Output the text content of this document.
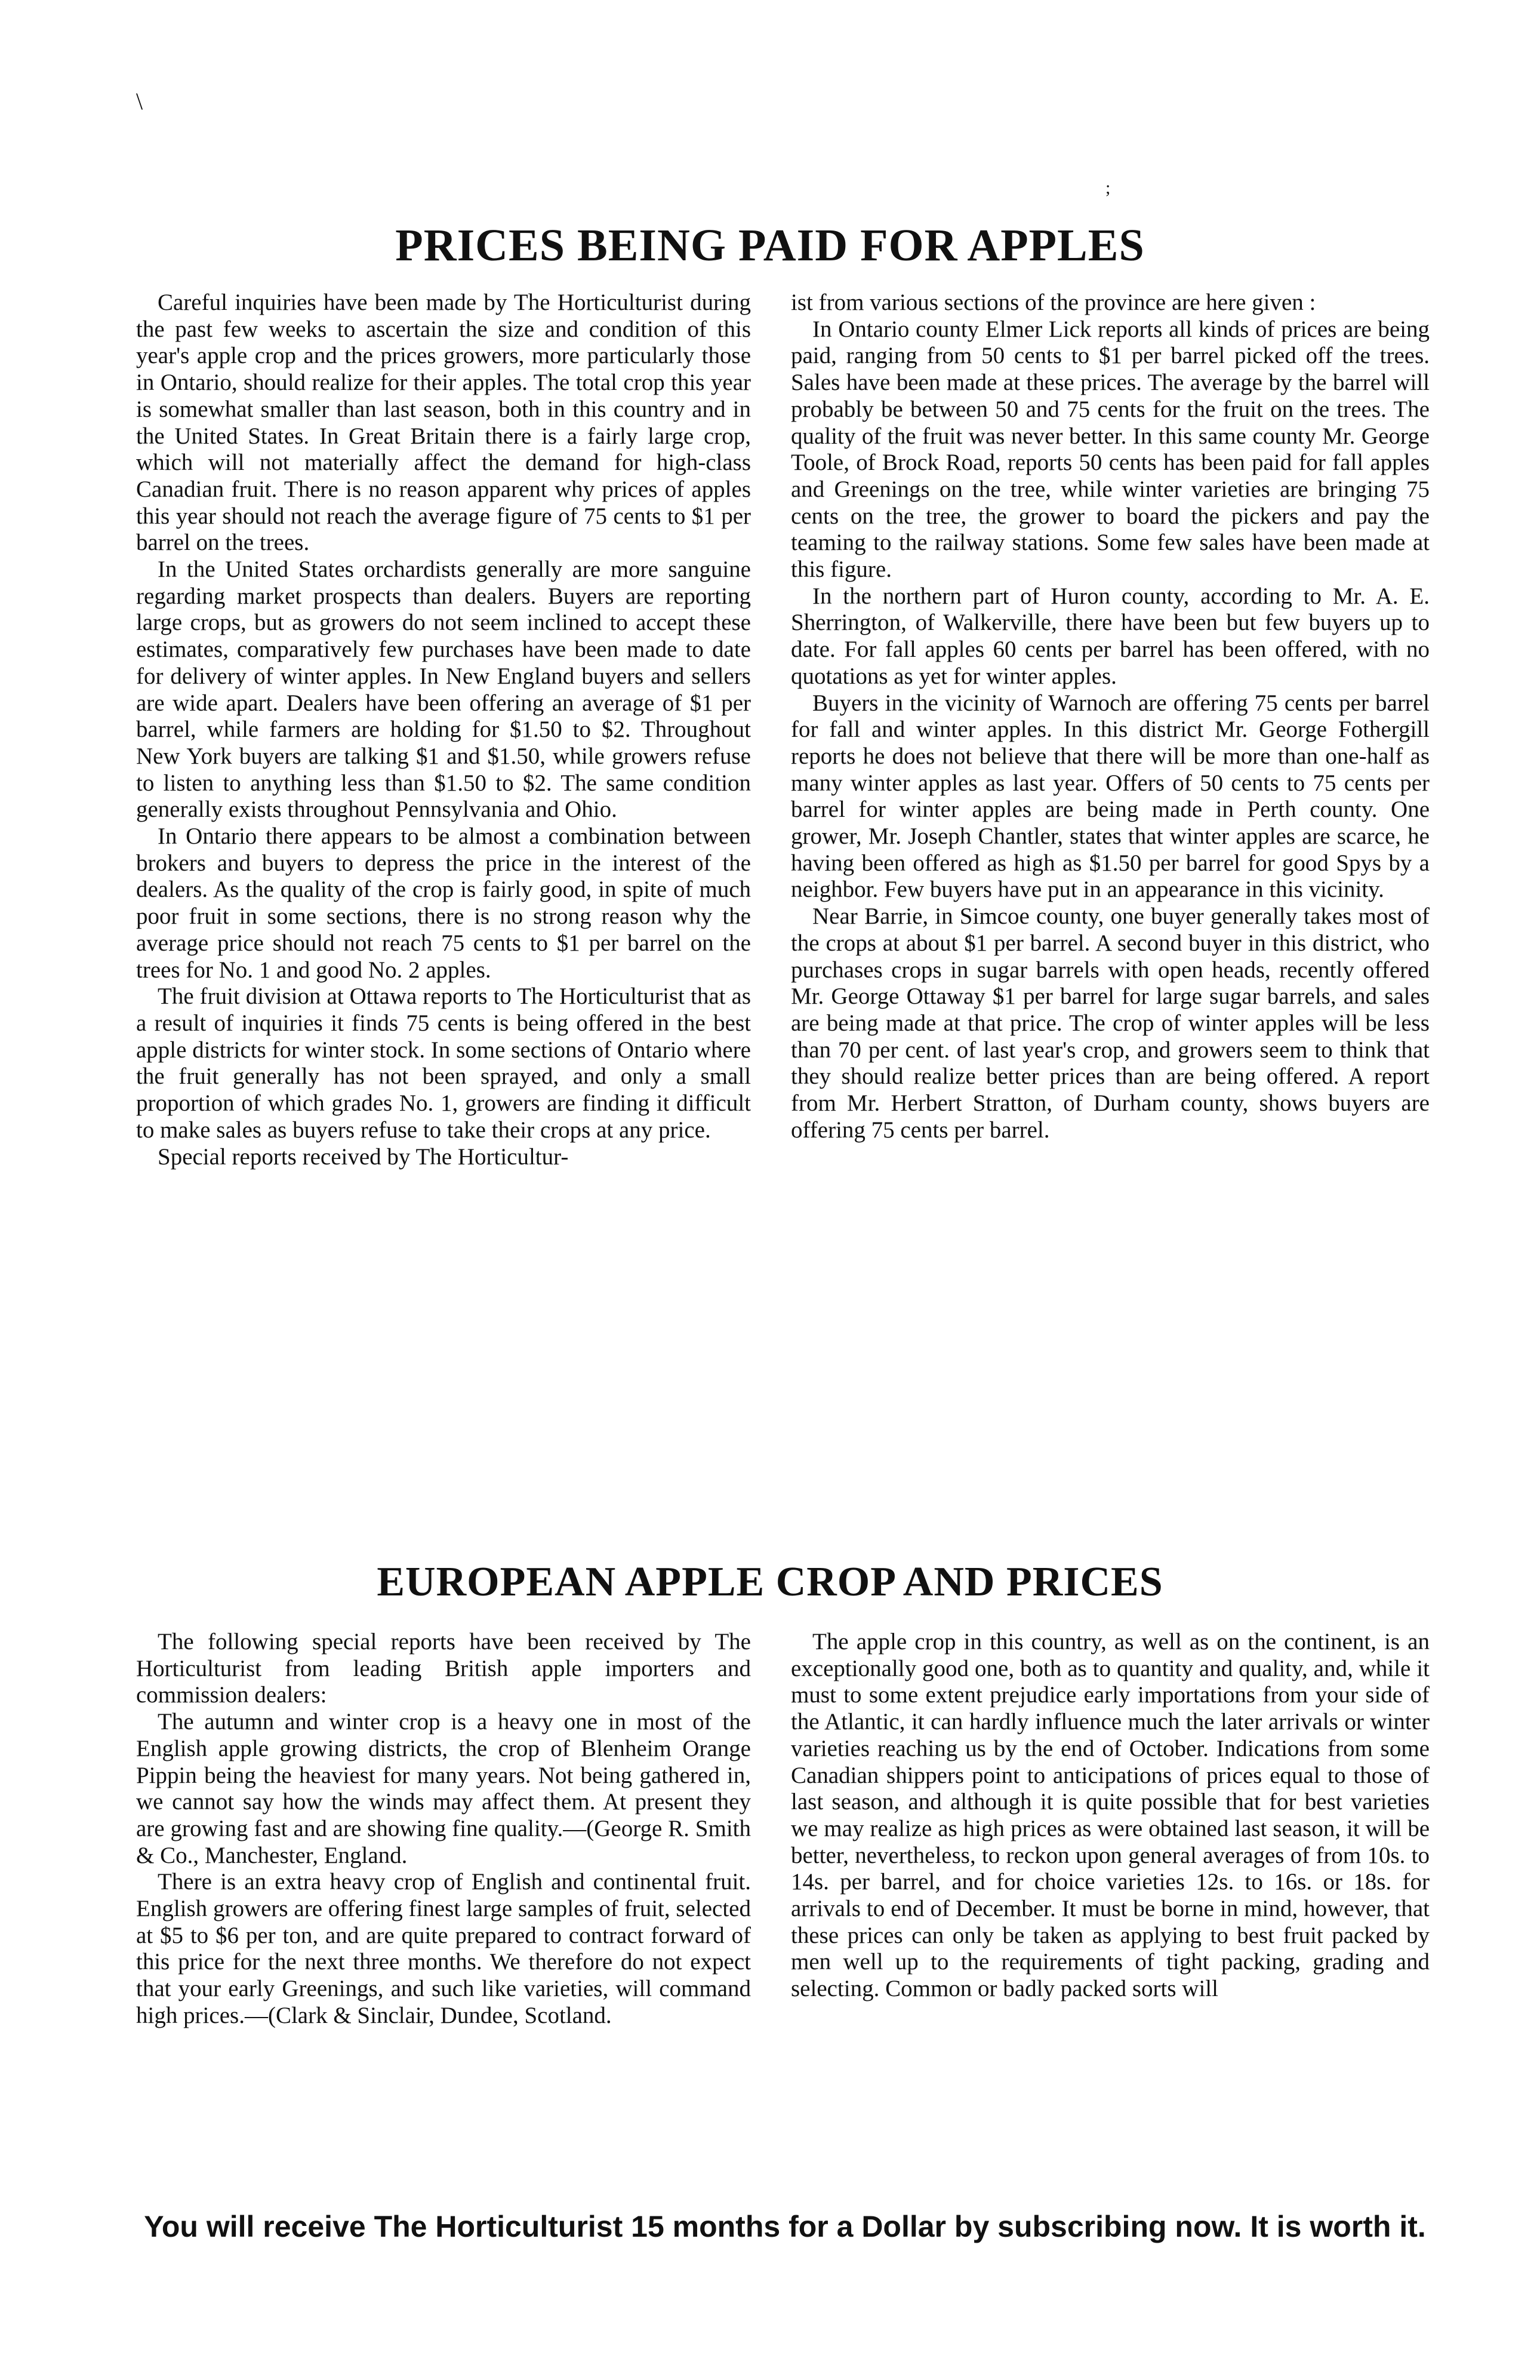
\
;
PRICES BEING PAID FOR APPLES

Careful inquiries have been made by The Horticulturist during the past few weeks to ascertain the size and condition of this year's apple crop and the prices growers, more particularly those in Ontario, should realize for their apples. The total crop this year is somewhat smaller than last season, both in this country and in the United States. In Great Britain there is a fairly large crop, which will not materially affect the demand for high-class Canadian fruit. There is no reason apparent why prices of apples this year should not reach the average figure of 75 cents to $1 per barrel on the trees.

In the United States orchardists generally are more sanguine regarding market prospects than dealers. Buyers are reporting large crops, but as growers do not seem inclined to accept these estimates, comparatively few purchases have been made to date for delivery of winter apples. In New England buyers and sellers are wide apart. Dealers have been offering an average of $1 per barrel, while farmers are holding for $1.50 to $2. Throughout New York buyers are talking $1 and $1.50, while growers refuse to listen to anything less than $1.50 to $2. The same condition generally exists throughout Pennsylvania and Ohio.

In Ontario there appears to be almost a combination between brokers and buyers to depress the price in the interest of the dealers. As the quality of the crop is fairly good, in spite of much poor fruit in some sections, there is no strong reason why the average price should not reach 75 cents to $1 per barrel on the trees for No. 1 and good No. 2 apples.

The fruit division at Ottawa reports to The Horticulturist that as a result of inquiries it finds 75 cents is being offered in the best apple districts for winter stock. In some sections of Ontario where the fruit generally has not been sprayed, and only a small proportion of which grades No. 1, growers are finding it difficult to make sales as buyers refuse to take their crops at any price.

Special reports received by The Horticultur-

ist from various sections of the province are here given :

In Ontario county Elmer Lick reports all kinds of prices are being paid, ranging from 50 cents to $1 per barrel picked off the trees. Sales have been made at these prices. The average by the barrel will probably be between 50 and 75 cents for the fruit on the trees. The quality of the fruit was never better. In this same county Mr. George Toole, of Brock Road, reports 50 cents has been paid for fall apples and Greenings on the tree, while winter varieties are bringing 75 cents on the tree, the grower to board the pickers and pay the teaming to the railway stations. Some few sales have been made at this figure.

In the northern part of Huron county, according to Mr. A. E. Sherrington, of Walkerville, there have been but few buyers up to date. For fall apples 60 cents per barrel has been offered, with no quotations as yet for winter apples.

Buyers in the vicinity of Warnoch are offering 75 cents per barrel for fall and winter apples. In this district Mr. George Fothergill reports he does not believe that there will be more than one-half as many winter apples as last year. Offers of 50 cents to 75 cents per barrel for winter apples are being made in Perth county. One grower, Mr. Joseph Chantler, states that winter apples are scarce, he having been offered as high as $1.50 per barrel for good Spys by a neighbor. Few buyers have put in an appearance in this vicinity.

Near Barrie, in Simcoe county, one buyer generally takes most of the crops at about $1 per barrel. A second buyer in this district, who purchases crops in sugar barrels with open heads, recently offered Mr. George Ottaway $1 per barrel for large sugar barrels, and sales are being made at that price. The crop of winter apples will be less than 70 per cent. of last year's crop, and growers seem to think that they should realize better prices than are being offered. A report from Mr. Herbert Stratton, of Durham county, shows buyers are offering 75 cents per barrel.

EUROPEAN APPLE CROP AND PRICES

The following special reports have been received by The Horticulturist from leading British apple importers and commission dealers:

The autumn and winter crop is a heavy one in most of the English apple growing districts, the crop of Blenheim Orange Pippin being the heaviest for many years. Not being gathered in, we cannot say how the winds may affect them. At present they are growing fast and are showing fine quality.—(George R. Smith & Co., Manchester, England.

There is an extra heavy crop of English and continental fruit. English growers are offering finest large samples of fruit, selected at $5 to $6 per ton, and are quite prepared to contract forward of this price for the next three months. We therefore do not expect that your early Greenings, and such like varieties, will command high prices.—(Clark & Sinclair, Dundee, Scotland.

The apple crop in this country, as well as on the continent, is an exceptionally good one, both as to quantity and quality, and, while it must to some extent prejudice early importations from your side of the Atlantic, it can hardly influence much the later arrivals or winter varieties reaching us by the end of October. Indications from some Canadian shippers point to anticipations of prices equal to those of last season, and although it is quite possible that for best varieties we may realize as high prices as were obtained last season, it will be better, nevertheless, to reckon upon general averages of from 10s. to 14s. per barrel, and for choice varieties 12s. to 16s. or 18s. for arrivals to end of December. It must be borne in mind, however, that these prices can only be taken as applying to best fruit packed by men well up to the requirements of tight packing, grading and selecting. Common or badly packed sorts will

You will receive The Horticulturist 15 months for a Dollar by subscribing now. It is worth it.
